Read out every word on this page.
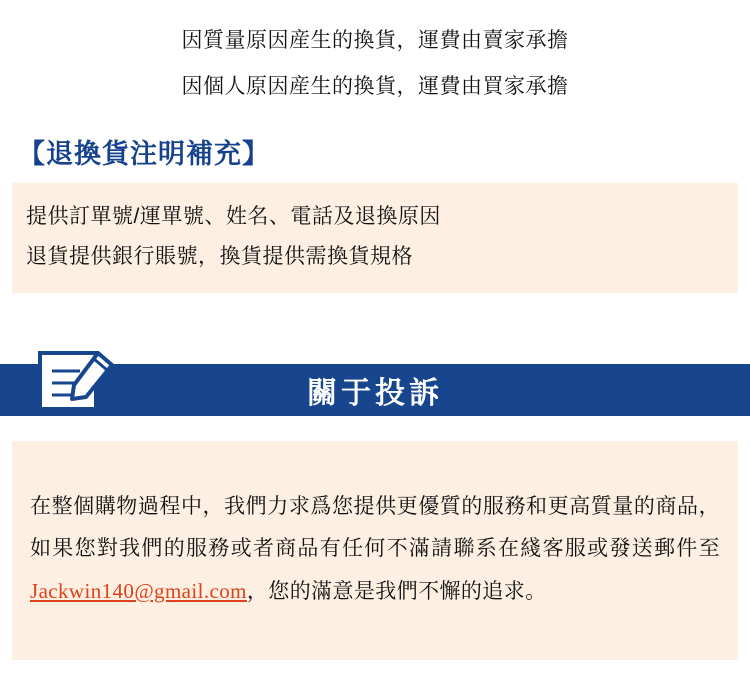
因質量原因産生的換貨，運費由賣家承擔
因個人原因産生的換貨，運費由買家承擔
【退換貨注明補充】
提供訂單號/運單號、姓名、電話及退換原因
退貨提供銀行賬號，換貨提供需換貨規格
關于投訴

在整個購物過程中，我們力求爲您提供更優質的服務和更高質量的商品，如果您對我們的服務或者商品有任何不滿請聯系在綫客服或發送郵件至Jackwin140@gmail.com，您的滿意是我們不懈的追求。
